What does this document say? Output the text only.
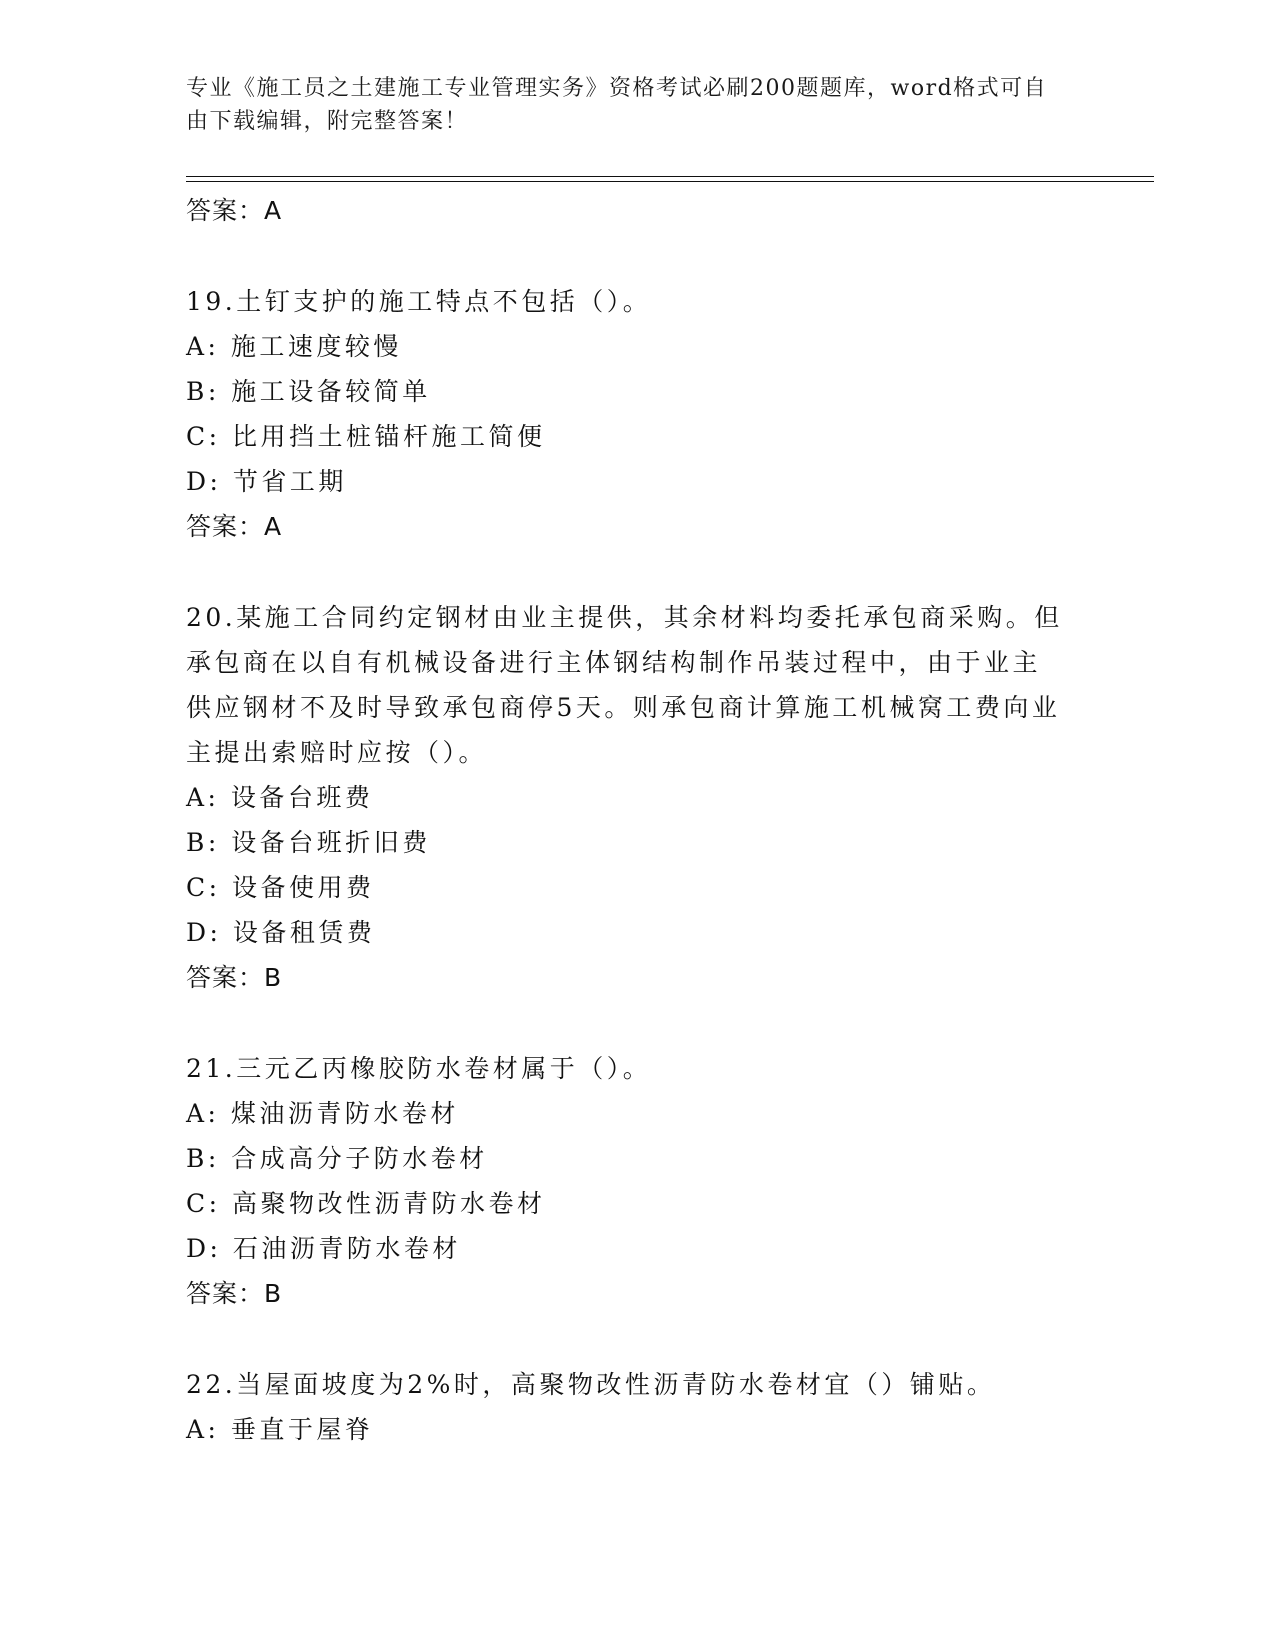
专业《施工员之土建施工专业管理实务》资格考试必刷200题题库，word格式可自由下载编辑，附完整答案！
答案：A
19.土钉支护的施工特点不包括（）。
A: 施工速度较慢
B: 施工设备较简单
C: 比用挡土桩锚杆施工简便
D: 节省工期
答案：A
20.某施工合同约定钢材由业主提供，其余材料均委托承包商采购。但承包商在以自有机械设备进行主体钢结构制作吊装过程中，由于业主供应钢材不及时导致承包商停5天。则承包商计算施工机械窝工费向业主提出索赔时应按（）。
A: 设备台班费
B: 设备台班折旧费
C: 设备使用费
D: 设备租赁费
答案：B
21.三元乙丙橡胶防水卷材属于（）。
A: 煤油沥青防水卷材
B: 合成高分子防水卷材
C: 高聚物改性沥青防水卷材
D: 石油沥青防水卷材
答案：B
22.当屋面坡度为2%时，高聚物改性沥青防水卷材宜（）铺贴。
A: 垂直于屋脊
